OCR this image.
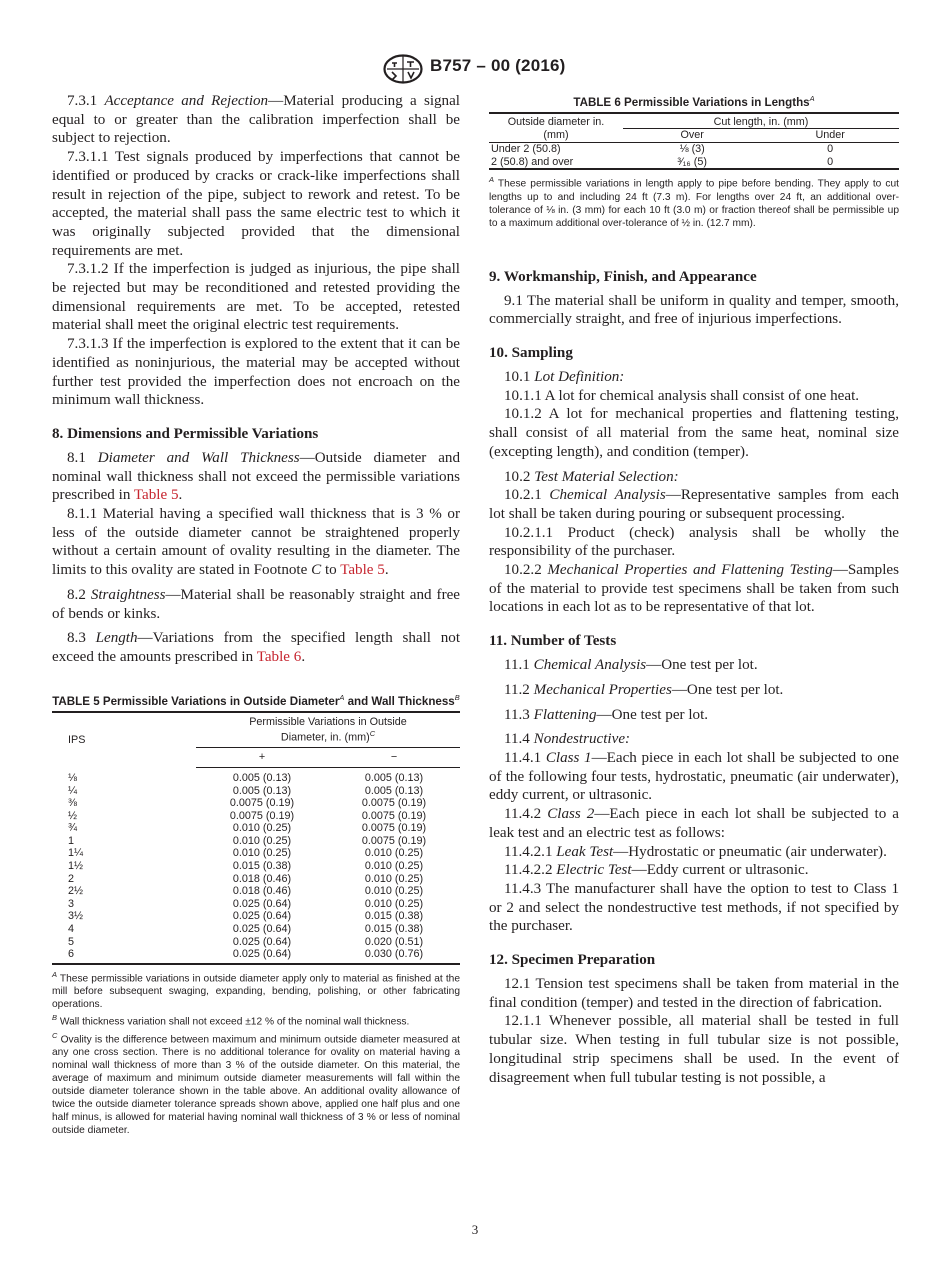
B757 – 00 (2016)

7.3.1 Acceptance and Rejection—Material producing a signal equal to or greater than the calibration imperfection shall be subject to rejection.

7.3.1.1 Test signals produced by imperfections that cannot be identified or produced by cracks or crack-like imperfections shall result in rejection of the pipe, subject to rework and retest. To be accepted, the material shall pass the same electric test to which it was originally subjected provided that the dimensional requirements are met.

7.3.1.2 If the imperfection is judged as injurious, the pipe shall be rejected but may be reconditioned and retested providing the dimensional requirements are met. To be accepted, retested material shall meet the original electric test requirements.

7.3.1.3 If the imperfection is explored to the extent that it can be identified as noninjurious, the material may be accepted without further test provided the imperfection does not encroach on the minimum wall thickness.

8. Dimensions and Permissible Variations

8.1 Diameter and Wall Thickness—Outside diameter and nominal wall thickness shall not exceed the permissible variations prescribed in Table 5.

8.1.1 Material having a specified wall thickness that is 3 % or less of the outside diameter cannot be straightened properly without a certain amount of ovality resulting in the diameter. The limits to this ovality are stated in Footnote C to Table 5.

8.2 Straightness—Material shall be reasonably straight and free of bends or kinks.

8.3 Length—Variations from the specified length shall not exceed the amounts prescribed in Table 6.

TABLE 5 Permissible Variations in Outside Diameter$^A$ and Wall Thickness$^B$
IPS	Permissible Variations in Outside Diameter, in. (mm)$^C$
	+	−
⅛	0.005 (0.13)	0.005 (0.13)
¼	0.005 (0.13)	0.005 (0.13)
⅜	0.0075 (0.19)	0.0075 (0.19)
½	0.0075 (0.19)	0.0075 (0.19)
¾	0.010 (0.25)	0.0075 (0.19)
1	0.010 (0.25)	0.0075 (0.19)
1¼	0.010 (0.25)	0.010 (0.25)
1½	0.015 (0.38)	0.010 (0.25)
2	0.018 (0.46)	0.010 (0.25)
2½	0.018 (0.46)	0.010 (0.25)
3	0.025 (0.64)	0.010 (0.25)
3½	0.025 (0.64)	0.015 (0.38)
4	0.025 (0.64)	0.015 (0.38)
5	0.025 (0.64)	0.020 (0.51)
6	0.025 (0.64)	0.030 (0.76)

$^A$ These permissible variations in outside diameter apply only to material as finished at the mill before subsequent swaging, expanding, bending, polishing, or other fabricating operations.

$^B$ Wall thickness variation shall not exceed ±12 % of the nominal wall thickness.

$^C$ Ovality is the difference between maximum and minimum outside diameter measured at any one cross section. There is no additional tolerance for ovality on material having a nominal wall thickness of more than 3 % of the outside diameter. On this material, the average of maximum and minimum outside diameter measurements will fall within the outside diameter tolerance shown in the table above. An additional ovality allowance of twice the outside diameter tolerance spreads shown above, applied one half plus and one half minus, is allowed for material having nominal wall thickness of 3 % or less of nominal outside diameter.

TABLE 6 Permissible Variations in Lengths$^A$
Outside diameter in.	Cut length, in. (mm)	
(mm)	Over	Under
Under 2 (50.8)	⅛ (3)	0
2 (50.8) and over	³⁄₁₆ (5)	0

$^A$ These permissible variations in length apply to pipe before bending. They apply to cut lengths up to and including 24 ft (7.3 m). For lengths over 24 ft, an additional over-tolerance of ⅛ in. (3 mm) for each 10 ft (3.0 m) or fraction thereof shall be permissible up to a maximum additional over-tolerance of ½ in. (12.7 mm).

9. Workmanship, Finish, and Appearance

9.1 The material shall be uniform in quality and temper, smooth, commercially straight, and free of injurious imperfections.

10. Sampling

10.1 Lot Definition:

10.1.1 A lot for chemical analysis shall consist of one heat.

10.1.2 A lot for mechanical properties and flattening testing, shall consist of all material from the same heat, nominal size (excepting length), and condition (temper).

10.2 Test Material Selection:

10.2.1 Chemical Analysis—Representative samples from each lot shall be taken during pouring or subsequent processing.

10.2.1.1 Product (check) analysis shall be wholly the responsibility of the purchaser.

10.2.2 Mechanical Properties and Flattening Testing—Samples of the material to provide test specimens shall be taken from such locations in each lot as to be representative of that lot.

11. Number of Tests

11.1 Chemical Analysis—One test per lot.

11.2 Mechanical Properties—One test per lot.

11.3 Flattening—One test per lot.

11.4 Nondestructive:

11.4.1 Class 1—Each piece in each lot shall be subjected to one of the following four tests, hydrostatic, pneumatic (air underwater), eddy current, or ultrasonic.

11.4.2 Class 2—Each piece in each lot shall be subjected to a leak test and an electric test as follows:

11.4.2.1 Leak Test—Hydrostatic or pneumatic (air underwater).

11.4.2.2 Electric Test—Eddy current or ultrasonic.

11.4.3 The manufacturer shall have the option to test to Class 1 or 2 and select the nondestructive test methods, if not specified by the purchaser.

12. Specimen Preparation

12.1 Tension test specimens shall be taken from material in the final condition (temper) and tested in the direction of fabrication.

12.1.1 Whenever possible, all material shall be tested in full tubular size. When testing in full tubular size is not possible, longitudinal strip specimens shall be used. In the event of disagreement when full tubular testing is not possible, a

3
